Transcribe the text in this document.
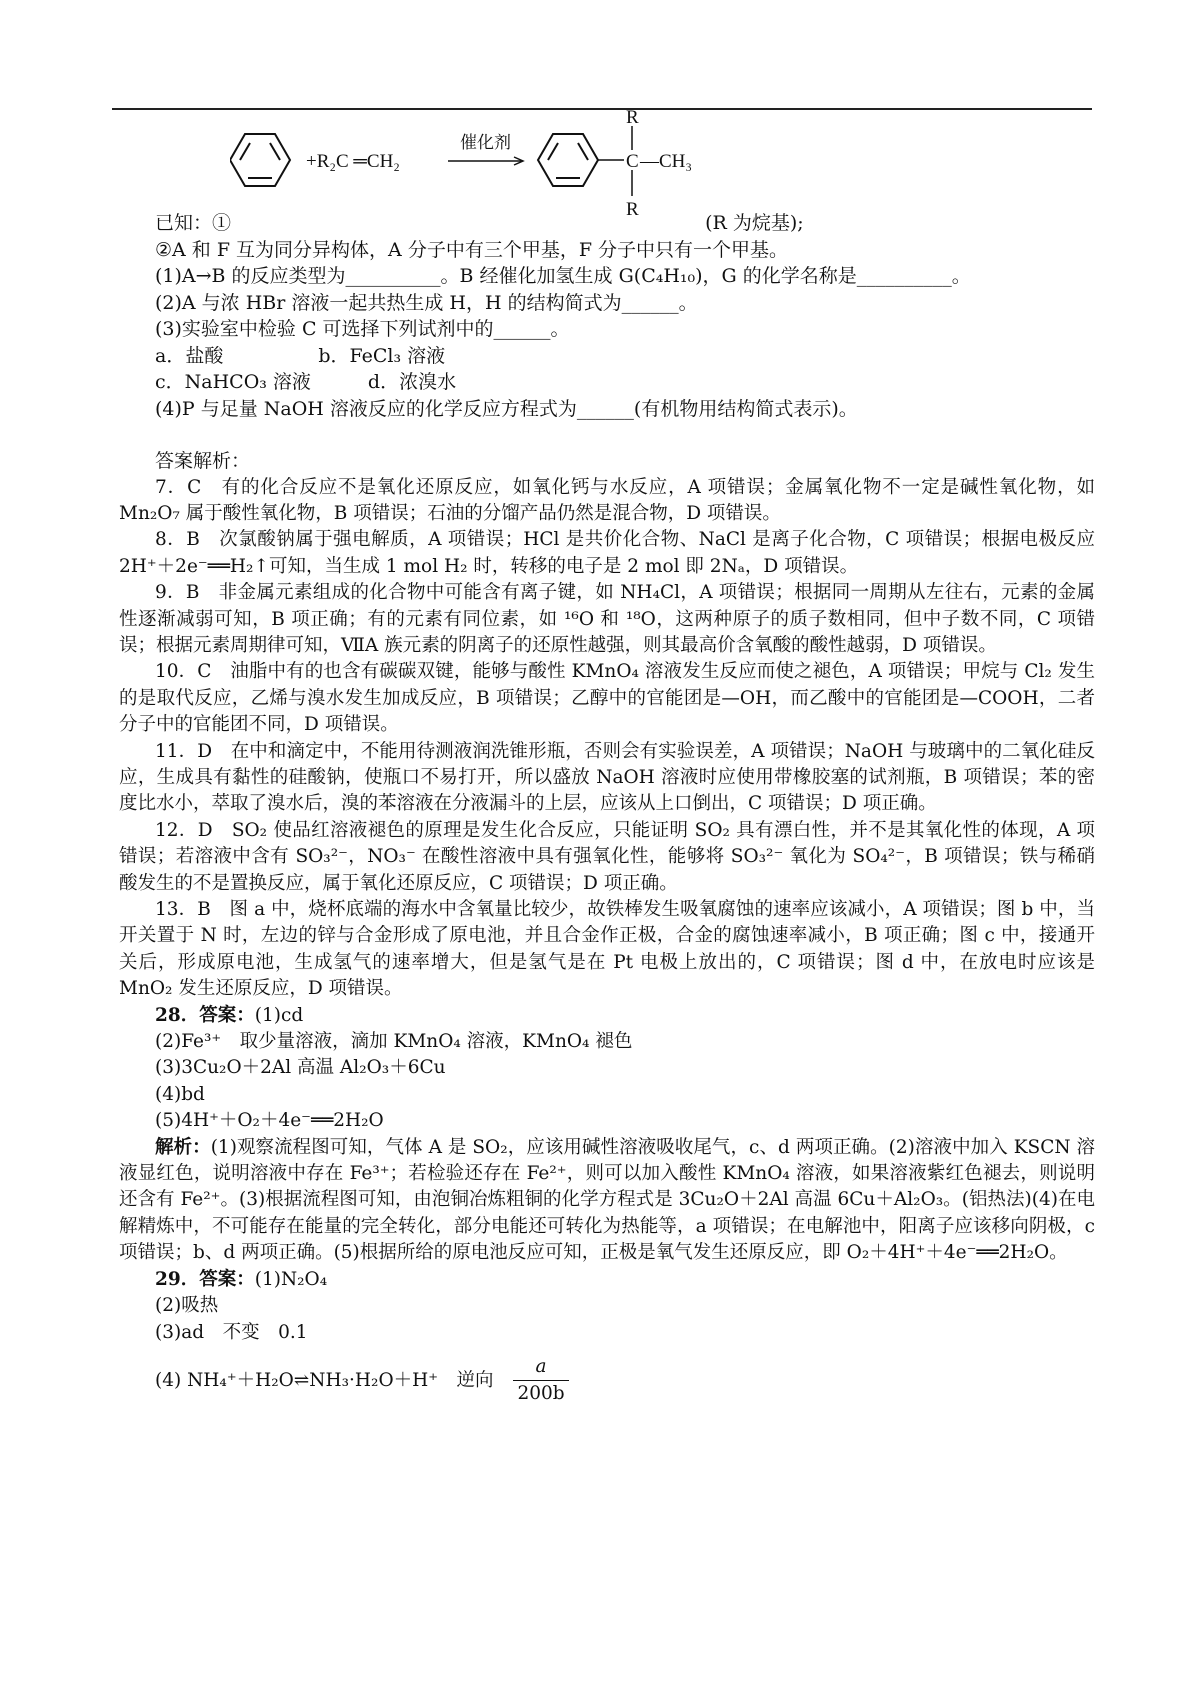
+R₂C ═CH₂
催化剂
R
C —CH₃
R
已知：①	(R 为烷基);
②A 和 F 互为同分异构体，A 分子中有三个甲基，F 分子中只有一个甲基。
(1)A→B 的反应类型为__________。B 经催化加氢生成 G(C₄H₁₀)，G 的化学名称是__________。
(2)A 与浓 HBr 溶液一起共热生成 H，H 的结构简式为______。
(3)实验室中检验 C 可选择下列试剂中的______。
a．盐酸　　　　　b．FeCl₃ 溶液
c．NaHCO₃ 溶液　　　d．浓溴水
(4)P 与足量 NaOH 溶液反应的化学反应方程式为______(有机物用结构简式表示)。
答案解析：
7．C　有的化合反应不是氧化还原反应，如氧化钙与水反应，A 项错误；金属氧化物不一定是碱性氧化物，如 Mn₂O₇ 属于酸性氧化物，B 项错误；石油的分馏产品仍然是混合物，D 项错误。
8．B　次氯酸钠属于强电解质，A 项错误；HCl 是共价化合物、NaCl 是离子化合物，C 项错误；根据电极反应 2H⁺＋2e⁻══H₂↑可知，当生成 1 mol H₂ 时，转移的电子是 2 mol 即 2Nₐ，D 项错误。
9．B　非金属元素组成的化合物中可能含有离子键，如 NH₄Cl，A 项错误；根据同一周期从左往右，元素的金属性逐渐减弱可知，B 项正确；有的元素有同位素，如 ¹⁶O 和 ¹⁸O，这两种原子的质子数相同，但中子数不同，C 项错误；根据元素周期律可知，ⅦA 族元素的阴离子的还原性越强，则其最高价含氧酸的酸性越弱，D 项错误。
10．C　油脂中有的也含有碳碳双键，能够与酸性 KMnO₄ 溶液发生反应而使之褪色，A 项错误；甲烷与 Cl₂ 发生的是取代反应，乙烯与溴水发生加成反应，B 项错误；乙醇中的官能团是—OH，而乙酸中的官能团是—COOH，二者分子中的官能团不同，D 项错误。
11．D　在中和滴定中，不能用待测液润洗锥形瓶，否则会有实验误差，A 项错误；NaOH 与玻璃中的二氧化硅反应，生成具有黏性的硅酸钠，使瓶口不易打开，所以盛放 NaOH 溶液时应使用带橡胶塞的试剂瓶，B 项错误；苯的密度比水小，萃取了溴水后，溴的苯溶液在分液漏斗的上层，应该从上口倒出，C 项错误；D 项正确。
12．D　SO₂ 使品红溶液褪色的原理是发生化合反应，只能证明 SO₂ 具有漂白性，并不是其氧化性的体现，A 项错误；若溶液中含有 SO₃²⁻，NO₃⁻ 在酸性溶液中具有强氧化性，能够将 SO₃²⁻ 氧化为 SO₄²⁻，B 项错误；铁与稀硝酸发生的不是置换反应，属于氧化还原反应，C 项错误；D 项正确。
13．B　图 a 中，烧杯底端的海水中含氧量比较少，故铁棒发生吸氧腐蚀的速率应该减小，A 项错误；图 b 中，当开关置于 N 时，左边的锌与合金形成了原电池，并且合金作正极，合金的腐蚀速率减小，B 项正确；图 c 中，接通开关后，形成原电池，生成氢气的速率增大，但是氢气是在 Pt 电极上放出的，C 项错误；图 d 中，在放电时应该是 MnO₂ 发生还原反应，D 项错误。
28．答案：(1)cd
(2)Fe³⁺　取少量溶液，滴加 KMnO₄ 溶液，KMnO₄ 褪色
(3)3Cu₂O＋2Al 高温 Al₂O₃＋6Cu
(4)bd
(5)4H⁺＋O₂＋4e⁻══2H₂O
解析：(1)观察流程图可知，气体 A 是 SO₂，应该用碱性溶液吸收尾气，c、d 两项正确。(2)溶液中加入 KSCN 溶液显红色，说明溶液中存在 Fe³⁺；若检验还存在 Fe²⁺，则可以加入酸性 KMnO₄ 溶液，如果溶液紫红色褪去，则说明还含有 Fe²⁺。(3)根据流程图可知，由泡铜冶炼粗铜的化学方程式是 3Cu₂O＋2Al 高温 6Cu＋Al₂O₃。(铝热法)(4)在电解精炼中，不可能存在能量的完全转化，部分电能还可转化为热能等，a 项错误；在电解池中，阳离子应该移向阴极，c 项错误；b、d 两项正确。(5)根据所给的原电池反应可知，正极是氧气发生还原反应，即 O₂＋4H⁺＋4e⁻══2H₂O。
29．答案：(1)N₂O₄
(2)吸热
(3)ad　不变　0.1
(4) NH₄⁺＋H₂O⇌NH₃·H₂O＋H⁺　逆向 $\frac{a}{200b}$
